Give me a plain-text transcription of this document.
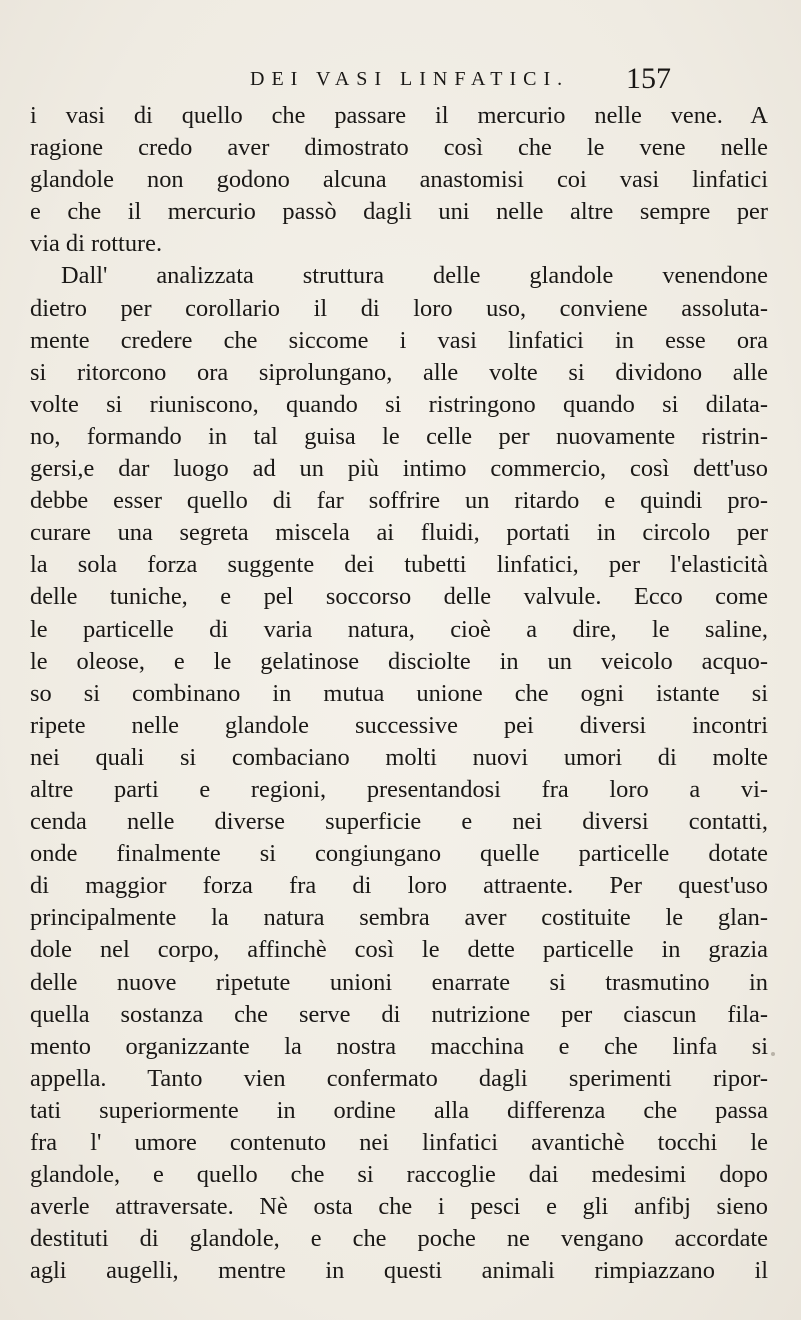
DEI VASI LINFATICI. 157
i vasi di quello che passare il mercurio nelle vene. A
ragione credo aver dimostrato così che le vene nelle
glandole non godono alcuna anastomisi coi vasi linfatici
e che il mercurio passò dagli uni nelle altre sempre per
via di rotture.
Dall' analizzata struttura delle glandole venendone
dietro per corollario il di loro uso, conviene assoluta-
mente credere che siccome i vasi linfatici in esse ora
si ritorcono ora siprolungano, alle volte si dividono alle
volte si riuniscono, quando si ristringono quando si dilata-
no, formando in tal guisa le celle per nuovamente ristrin-
gersi,e dar luogo ad un più intimo commercio, così dett'uso
debbe esser quello di far soffrire un ritardo e quindi pro-
curare una segreta miscela ai fluidi, portati in circolo per
la sola forza suggente dei tubetti linfatici, per l'elasticità
delle tuniche, e pel soccorso delle valvule. Ecco come
le particelle di varia natura, cioè a dire, le saline,
le oleose, e le gelatinose disciolte in un veicolo acquo-
so si combinano in mutua unione che ogni istante si
ripete nelle glandole successive pei diversi incontri
nei quali si combaciano molti nuovi umori di molte
altre parti e regioni, presentandosi fra loro a vi-
cenda nelle diverse superficie e nei diversi contatti,
onde finalmente si congiungano quelle particelle dotate
di maggior forza fra di loro attraente. Per quest'uso
principalmente la natura sembra aver costituite le glan-
dole nel corpo, affinchè così le dette particelle in grazia
delle nuove ripetute unioni enarrate si trasmutino in
quella sostanza che serve di nutrizione per ciascun fila-
mento organizzante la nostra macchina e che linfa si
appella. Tanto vien confermato dagli sperimenti ripor-
tati superiormente in ordine alla differenza che passa
fra l' umore contenuto nei linfatici avantichè tocchi le
glandole, e quello che si raccoglie dai medesimi dopo
averle attraversate. Nè osta che i pesci e gli anfibj sieno
destituti di glandole, e che poche ne vengano accordate
agli augelli, mentre in questi animali rimpiazzano il
